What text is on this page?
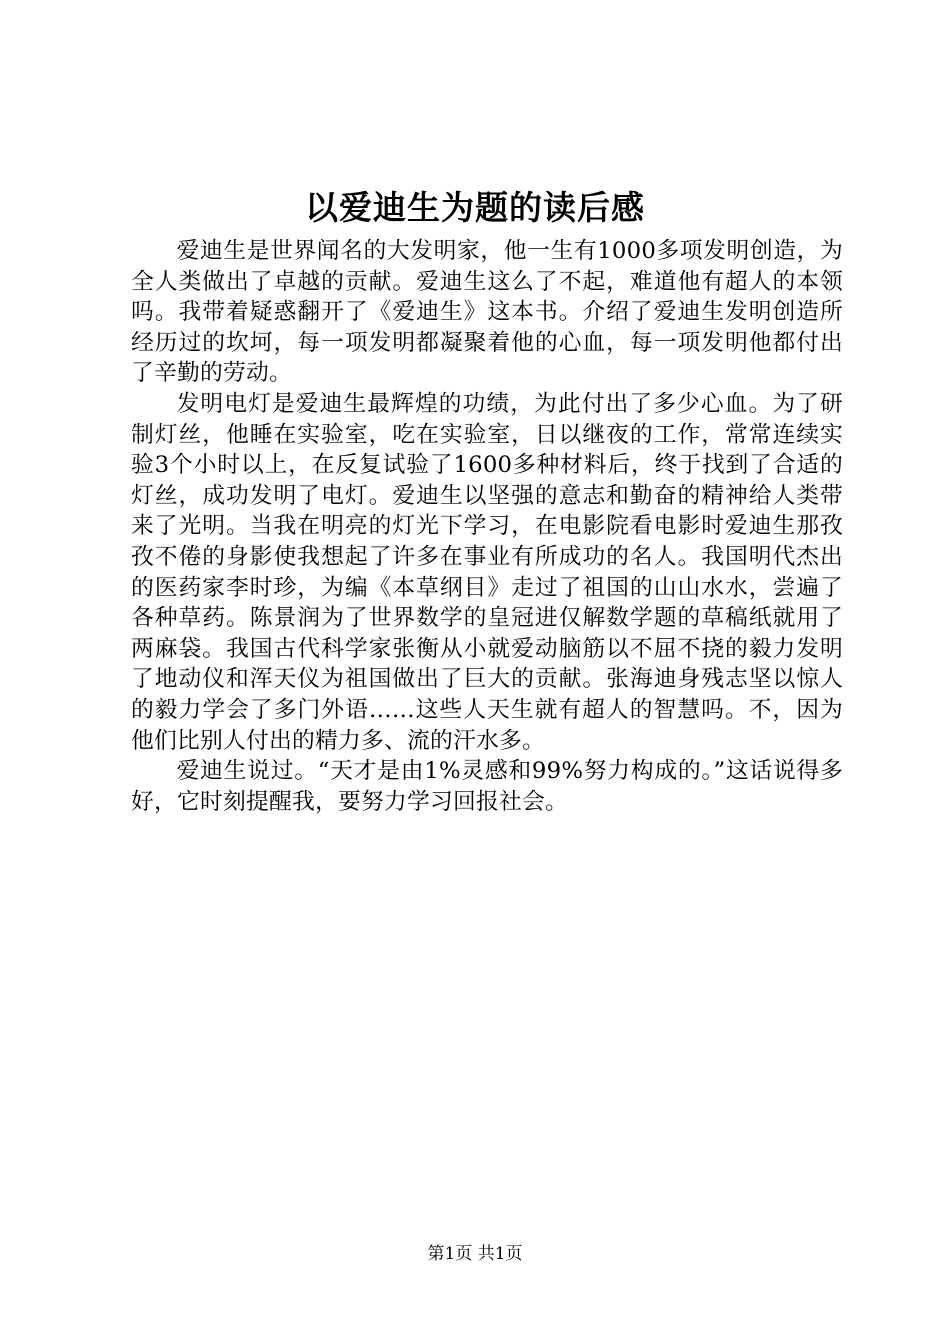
以爱迪生为题的读后感

爱迪生是世界闻名的大发明家，他一生有1000多项发明创造，为全人类做出了卓越的贡献。爱迪生这么了不起，难道他有超人的本领吗。我带着疑惑翻开了《爱迪生》这本书。介绍了爱迪生发明创造所经历过的坎坷，每一项发明都凝聚着他的心血，每一项发明他都付出了辛勤的劳动。

发明电灯是爱迪生最辉煌的功绩，为此付出了多少心血。为了研制灯丝，他睡在实验室，吃在实验室，日以继夜的工作，常常连续实验3个小时以上，在反复试验了1600多种材料后，终于找到了合适的灯丝，成功发明了电灯。爱迪生以坚强的意志和勤奋的精神给人类带来了光明。当我在明亮的灯光下学习，在电影院看电影时爱迪生那孜孜不倦的身影使我想起了许多在事业有所成功的名人。我国明代杰出的医药家李时珍，为编《本草纲目》走过了祖国的山山水水，尝遍了各种草药。陈景润为了世界数学的皇冠进仅解数学题的草稿纸就用了两麻袋。我国古代科学家张衡从小就爱动脑筋以不屈不挠的毅力发明了地动仪和浑天仪为祖国做出了巨大的贡献。张海迪身残志坚以惊人的毅力学会了多门外语……这些人天生就有超人的智慧吗。不，因为他们比别人付出的精力多、流的汗水多。

爱迪生说过。“天才是由1%灵感和99%努力构成的。”这话说得多好，它时刻提醒我，要努力学习回报社会。

第1页 共1页
